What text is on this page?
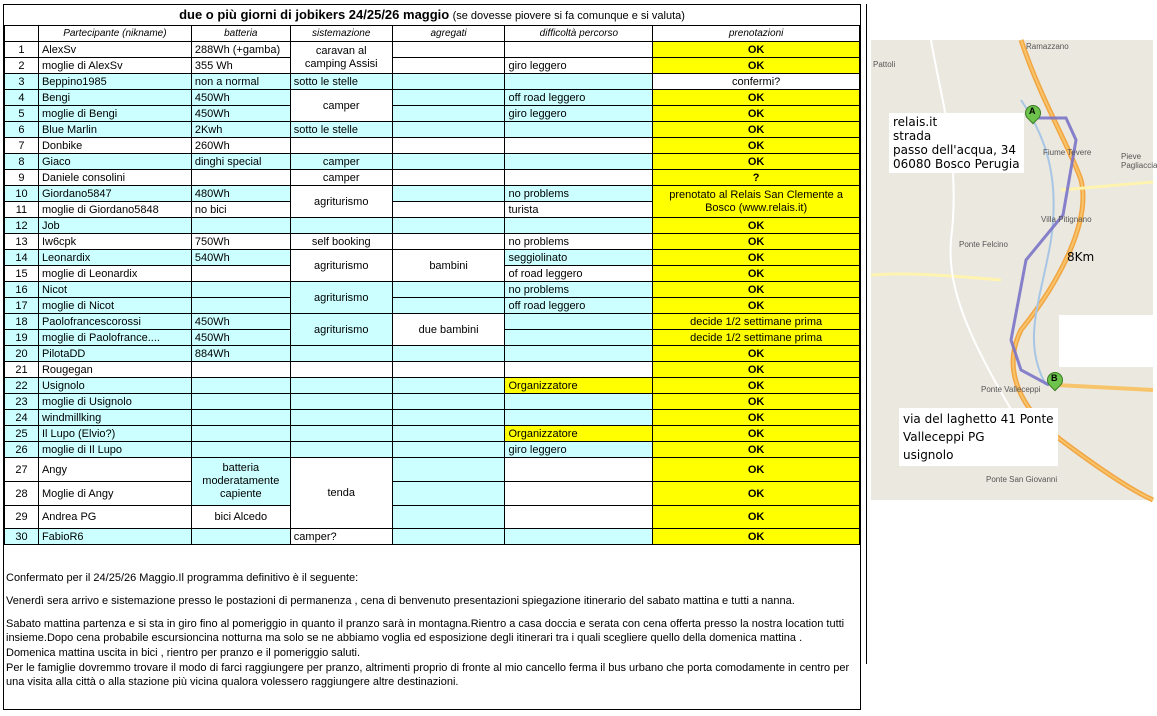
due o più giorni di jobikers 24/25/26 maggio (se dovesse piovere si fa comunque e si valuta)
	Partecipante (nikname)	batteria	sistemazione	agregati	difficoltà percorso	prenotazioni
1	AlexSv	288Wh (+gamba)	caravan al camping Assisi			OK
2	moglie di AlexSv	355 Wh			giro leggero	OK
3	Beppino1985	non a normal	sotto le stelle			confermi?
4	Bengi	450Wh	camper		off road leggero	OK
5	moglie di Bengi	450Wh			giro leggero	OK
6	Blue Marlin	2Kwh	sotto le stelle			OK
7	Donbike	260Wh				OK
8	Giaco	dinghi special	camper			OK
9	Daniele consolini		camper			?
10	Giordano5847	480Wh	agriturismo		no problems	prenotato al Relais San Clemente a Bosco (www.relais.it)
11	moglie di Giordano5848	no bici			turista	
12	Job					OK
13	Iw6cpk	750Wh	self booking		no problems	OK
14	Leonardix	540Wh	agriturismo	bambini	seggiolinato	OK
15	moglie di Leonardix				of road leggero	OK
16	Nicot		agriturismo		no problems	OK
17	moglie di Nicot				off road leggero	OK
18	Paolofrancescorossi	450Wh	agriturismo	due bambini		decide 1/2 settimane prima
19	moglie di Paolofrance....	450Wh				decide 1/2 settimane prima
20	PilotaDD	884Wh				OK
21	Rougegan					OK
22	Usignolo				Organizzatore	OK
23	moglie di Usignolo					OK
24	windmillking					OK
25	Il Lupo (Elvio?)				Organizzatore	OK
26	moglie di Il Lupo				giro leggero	OK
27	Angy	batteria moderatamente capiente	tenda			OK
28	Moglie di Angy					OK
29	Andrea PG	bici Alcedo				OK
30	FabioR6		camper?			OK

Confermato per il 24/25/26 Maggio.Il programma definitivo è il seguente:

Venerdì sera arrivo e sistemazione presso le postazioni di permanenza , cena di benvenuto presentazioni spiegazione itinerario del sabato mattina e tutti a nanna.

Sabato mattina partenza e si sta in giro fino al pomeriggio in quanto il pranzo sarà in montagna.Rientro a casa doccia e serata con cena offerta presso la nostra location tutti insieme.Dopo cena probabile escursioncina notturna ma solo se ne abbiamo voglia ed esposizione degli itinerari tra i quali scegliere quello della domenica mattina .

Domenica mattina uscita in bici , rientro per pranzo e il pomeriggio saluti.

Per le famiglie dovremmo trovare il modo di farci raggiungere per pranzo, altrimenti proprio di fronte al mio cancello ferma il bus urbano che porta comodamente in centro per una visita alla città o alla stazione più vicina qualora volessero raggiungere altre destinazioni.

Ramazzano
Pattoli
Villa Pitignano
Ponte Felcino
Pieve Pagliaccia
Ponte Valleceppi
Ponte San Giovanni
Fiume Tevere
relais.it
strada
passo dell'acqua, 34
06080 Bosco Perugia
8Km
via del laghetto 41 Ponte
Valleceppi PG
usignolo
A
B
